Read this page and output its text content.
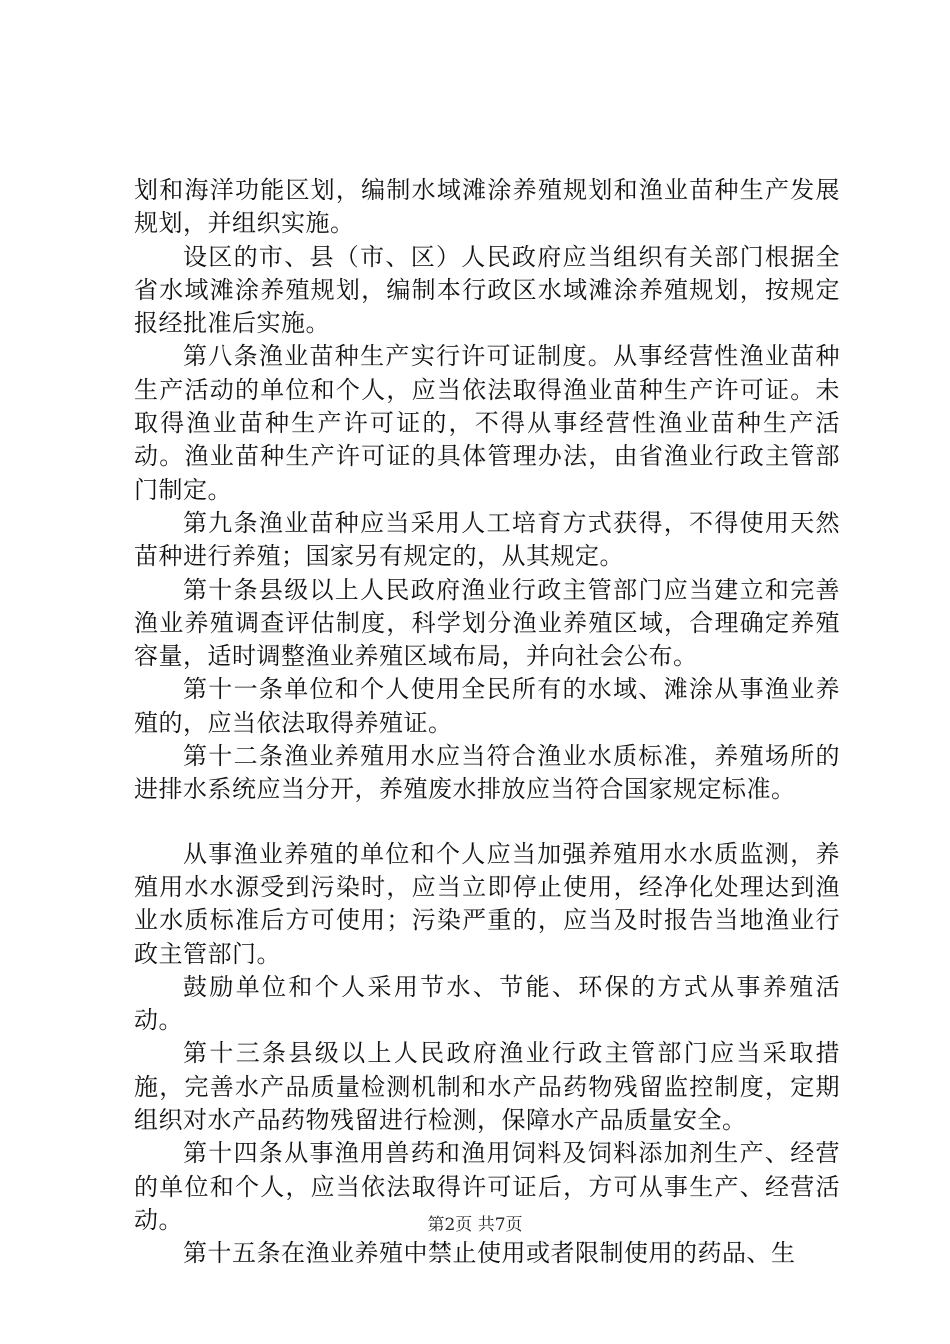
划和海洋功能区划，编制水域滩涂养殖规划和渔业苗种生产发展规划，并组织实施。

设区的市、县（市、区）人民政府应当组织有关部门根据全省水域滩涂养殖规划，编制本行政区水域滩涂养殖规划，按规定报经批准后实施。

第八条渔业苗种生产实行许可证制度。从事经营性渔业苗种生产活动的单位和个人，应当依法取得渔业苗种生产许可证。未取得渔业苗种生产许可证的，不得从事经营性渔业苗种生产活动。渔业苗种生产许可证的具体管理办法，由省渔业行政主管部门制定。

第九条渔业苗种应当采用人工培育方式获得，不得使用天然苗种进行养殖；国家另有规定的，从其规定。

第十条县级以上人民政府渔业行政主管部门应当建立和完善渔业养殖调查评估制度，科学划分渔业养殖区域，合理确定养殖容量，适时调整渔业养殖区域布局，并向社会公布。

第十一条单位和个人使用全民所有的水域、滩涂从事渔业养殖的，应当依法取得养殖证。

第十二条渔业养殖用水应当符合渔业水质标准，养殖场所的进排水系统应当分开，养殖废水排放应当符合国家规定标准。

从事渔业养殖的单位和个人应当加强养殖用水水质监测，养殖用水水源受到污染时，应当立即停止使用，经净化处理达到渔业水质标准后方可使用；污染严重的，应当及时报告当地渔业行政主管部门。

鼓励单位和个人采用节水、节能、环保的方式从事养殖活动。

第十三条县级以上人民政府渔业行政主管部门应当采取措施，完善水产品质量检测机制和水产品药物残留监控制度，定期组织对水产品药物残留进行检测，保障水产品质量安全。

第十四条从事渔用兽药和渔用饲料及饲料添加剂生产、经营的单位和个人，应当依法取得许可证后，方可从事生产、经营活动。

第十五条在渔业养殖中禁止使用或者限制使用的药品、生

第2页 共7页
